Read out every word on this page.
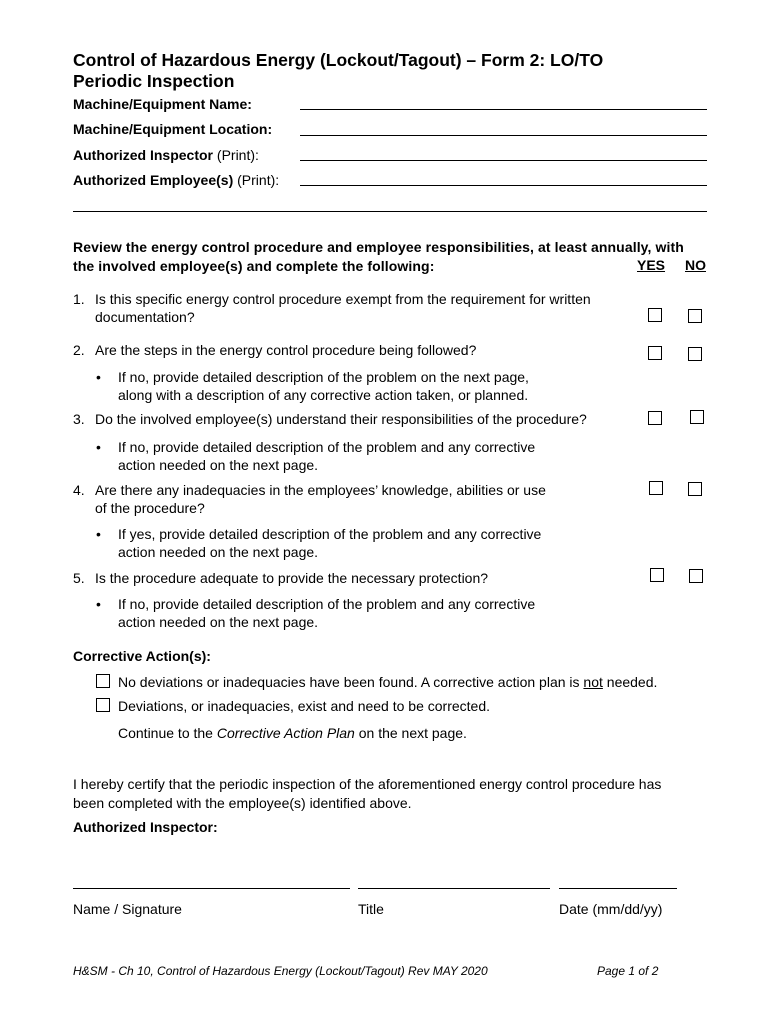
Control of Hazardous Energy (Lockout/Tagout) – Form 2: LO/TO
Periodic Inspection
Machine/Equipment Name:
Machine/Equipment Location:
Authorized Inspector (Print):
Authorized Employee(s) (Print):
Review the energy control procedure and employee responsibilities, at least annually, with
the involved employee(s) and complete the following:	YES NO
1. Is this specific energy control procedure exempt from the requirement for written
documentation?
2. Are the steps in the energy control procedure being followed?
•	If no, provide detailed description of the problem on the next page,
along with a description of any corrective action taken, or planned.
3. Do the involved employee(s) understand their responsibilities of the procedure?
•	If no, provide detailed description of the problem and any corrective
action needed on the next page.
4. Are there any inadequacies in the employees’ knowledge, abilities or use
of the procedure?
•	If yes, provide detailed description of the problem and any corrective
action needed on the next page.
5. Is the procedure adequate to provide the necessary protection?
•	If no, provide detailed description of the problem and any corrective
action needed on the next page.
Corrective Action(s):
No deviations or inadequacies have been found. A corrective action plan is not needed.
Deviations, or inadequacies, exist and need to be corrected.
Continue to the Corrective Action Plan on the next page.
I hereby certify that the periodic inspection of the aforementioned energy control procedure has
been completed with the employee(s) identified above.
Authorized Inspector:
Name / Signature	Title	Date (mm/dd/yy)
H&SM - Ch 10, Control of Hazardous Energy (Lockout/Tagout) Rev MAY 2020	Page 1 of 2
